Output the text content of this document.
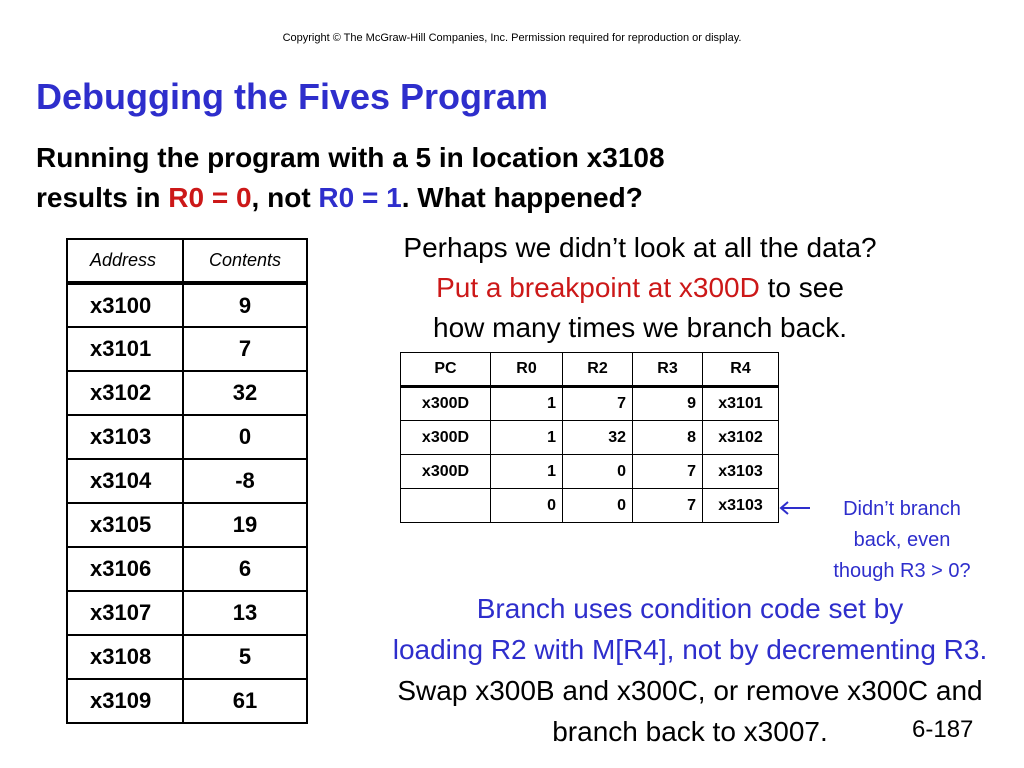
Copyright © The McGraw-Hill Companies, Inc. Permission required for reproduction or display.
Debugging the Fives Program
Running the program with a 5 in location x3108
results in R0 = 0, not R0 = 1. What happened?
Address	Contents
x3100	9
x3101	7
x3102	32
x3103	0
x3104	-8
x3105	19
x3106	6
x3107	13
x3108	5
x3109	61
Perhaps we didn’t look at all the data?
Put a breakpoint at x300D to see
how many times we branch back.
PC	R0	R2	R3	R4
x300D	1	7	9	x3101
x300D	1	32	8	x3102
x300D	1	0	7	x3103
	0	0	7	x3103	Didn’t branch
back, even
though R3 > 0?
Branch uses condition code set by
loading R2 with M[R4], not by decrementing R3.
Swap x300B and x300C, or remove x300C and
branch back to x3007.	6-187
